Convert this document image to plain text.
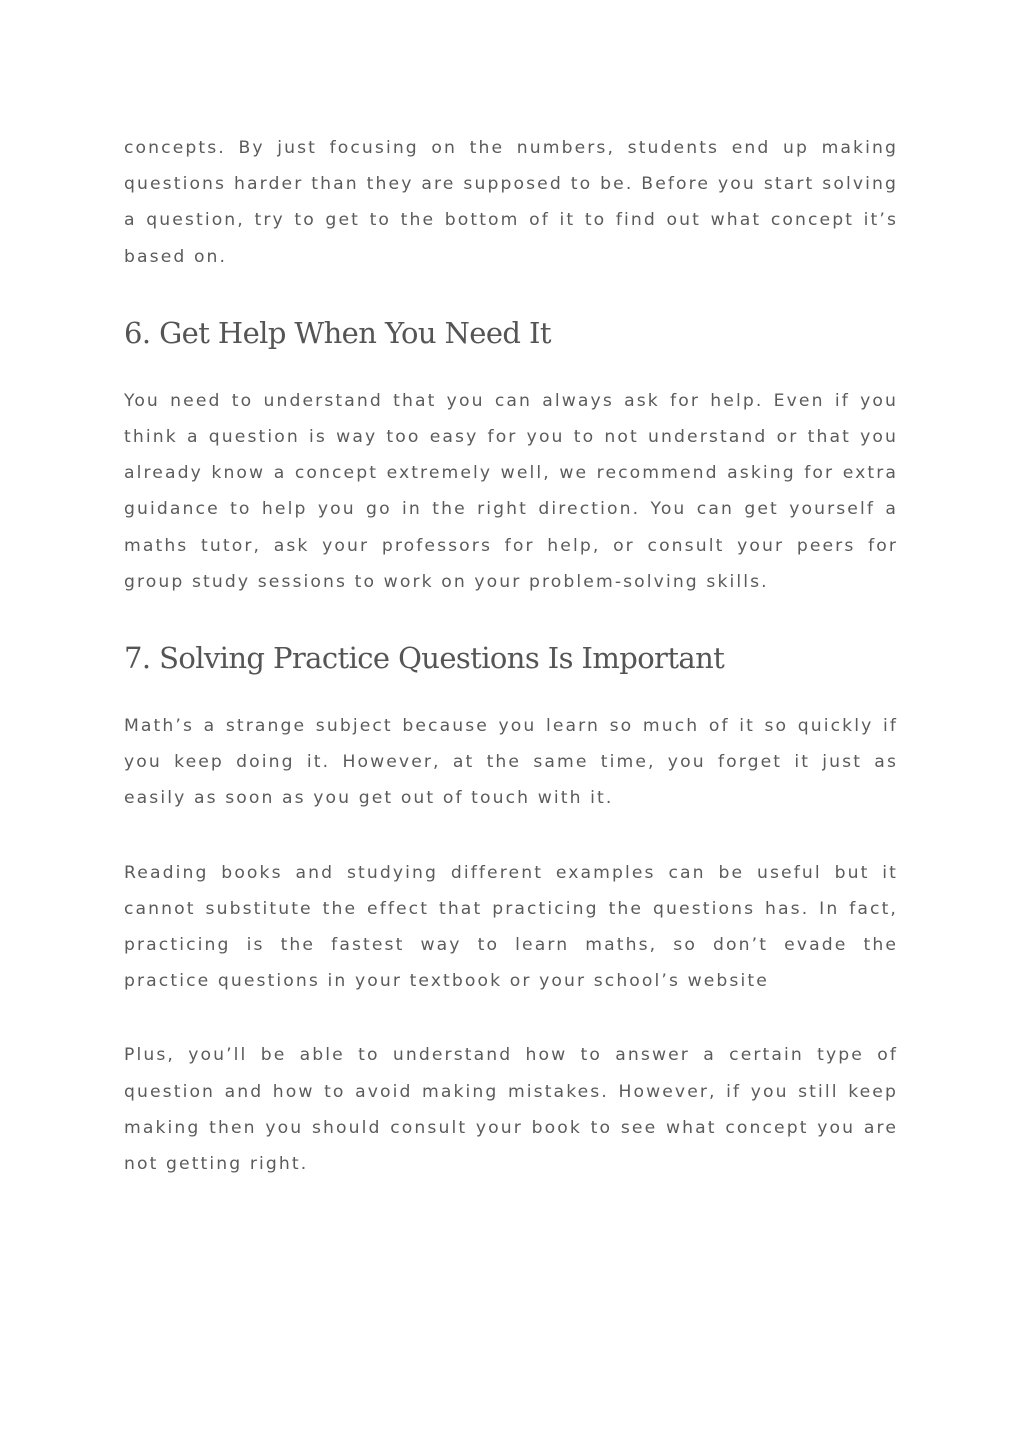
concepts. By just focusing on the numbers, students end up making questions harder than they are supposed to be. Before you start solving a question, try to get to the bottom of it to find out what concept it’s based on.

6. Get Help When You Need It

You need to understand that you can always ask for help. Even if you think a question is way too easy for you to not understand or that you already know a concept extremely well, we recommend asking for extra guidance to help you go in the right direction. You can get yourself a maths tutor, ask your professors for help, or consult your peers for group study sessions to work on your problem-solving skills.

7. Solving Practice Questions Is Important

Math’s a strange subject because you learn so much of it so quickly if you keep doing it. However, at the same time, you forget it just as easily as soon as you get out of touch with it.

Reading books and studying different examples can be useful but it cannot substitute the effect that practicing the questions has. In fact, practicing is the fastest way to learn maths, so don’t evade the practice questions in your textbook or your school’s website

Plus, you’ll be able to understand how to answer a certain type of question and how to avoid making mistakes. However, if you still keep making then you should consult your book to see what concept you are not getting right.
